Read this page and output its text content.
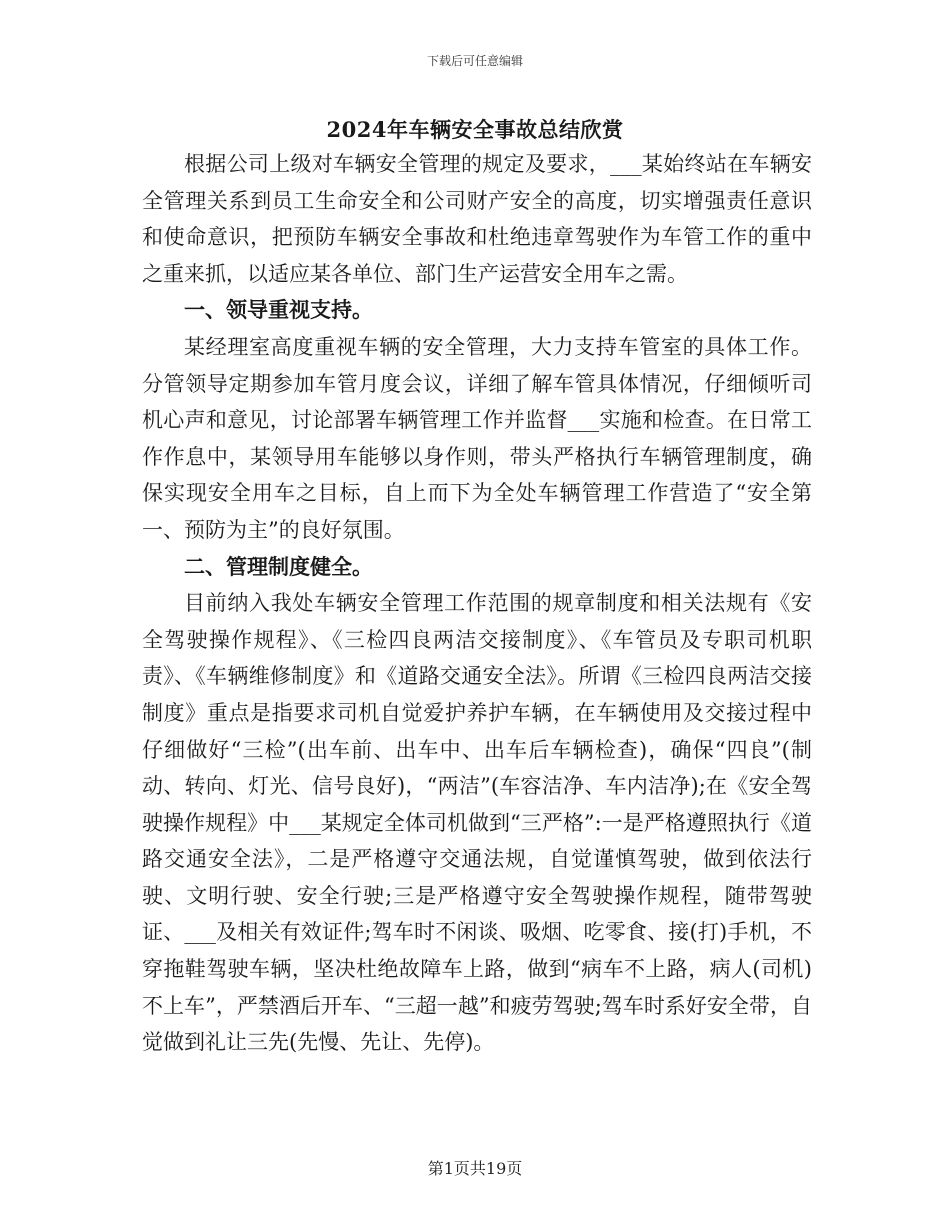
下载后可任意编辑
2024年车辆安全事故总结欣赏

根据公司上级对车辆安全管理的规定及要求，___某始终站在车辆安全管理关系到员工生命安全和公司财产安全的高度，切实增强责任意识和使命意识，把预防车辆安全事故和杜绝违章驾驶作为车管工作的重中之重来抓，以适应某各单位、部门生产运营安全用车之需。

一、领导重视支持。

某经理室高度重视车辆的安全管理，大力支持车管室的具体工作。分管领导定期参加车管月度会议，详细了解车管具体情况，仔细倾听司机心声和意见，讨论部署车辆管理工作并监督___实施和检查。在日常工作作息中，某领导用车能够以身作则，带头严格执行车辆管理制度，确保实现安全用车之目标，自上而下为全处车辆管理工作营造了“安全第一、预防为主”的良好氛围。

二、管理制度健全。

目前纳入我处车辆安全管理工作范围的规章制度和相关法规有《安全驾驶操作规程》、《三检四良两洁交接制度》、《车管员及专职司机职责》、《车辆维修制度》和《道路交通安全法》。所谓《三检四良两洁交接制度》重点是指要求司机自觉爱护养护车辆，在车辆使用及交接过程中仔细做好“三检”(出车前、出车中、出车后车辆检查)，确保“四良”(制动、转向、灯光、信号良好)，“两洁”(车容洁净、车内洁净);在《安全驾驶操作规程》中___某规定全体司机做到“三严格”:一是严格遵照执行《道路交通安全法》，二是严格遵守交通法规，自觉谨慎驾驶，做到依法行驶、文明行驶、安全行驶;三是严格遵守安全驾驶操作规程，随带驾驶证、___及相关有效证件;驾车时不闲谈、吸烟、吃零食、接(打)手机，不穿拖鞋驾驶车辆，坚决杜绝故障车上路，做到“病车不上路，病人(司机)不上车”，严禁酒后开车、“三超一越”和疲劳驾驶;驾车时系好安全带，自觉做到礼让三先(先慢、先让、先停)。

第1页共19页
